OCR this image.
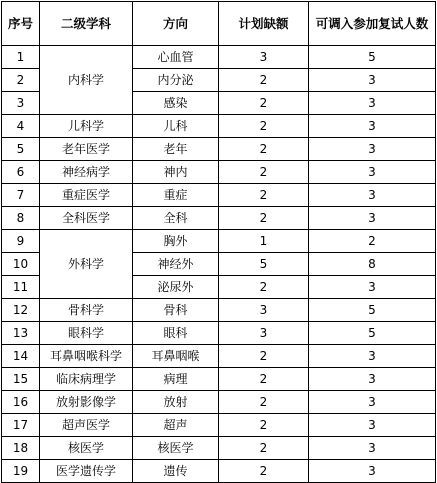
序号	二级学科	方向	计划缺额	可调入参加复试人数
1	内科学	心血管	3	5
2		内分泌	2	3
3		感染	2	3
4	儿科学	儿科	2	3
5	老年医学	老年	2	3
6	神经病学	神内	2	3
7	重症医学	重症	2	3
8	全科医学	全科	2	3
9	外科学	胸外	1	2
10		神经外	5	8
11		泌尿外	2	3
12	骨科学	骨科	3	5
13	眼科学	眼科	3	5
14	耳鼻咽喉科学	耳鼻咽喉	2	3
15	临床病理学	病理	2	3
16	放射影像学	放射	2	3
17	超声医学	超声	2	3
18	核医学	核医学	2	3
19	医学遗传学	遗传	2	3
